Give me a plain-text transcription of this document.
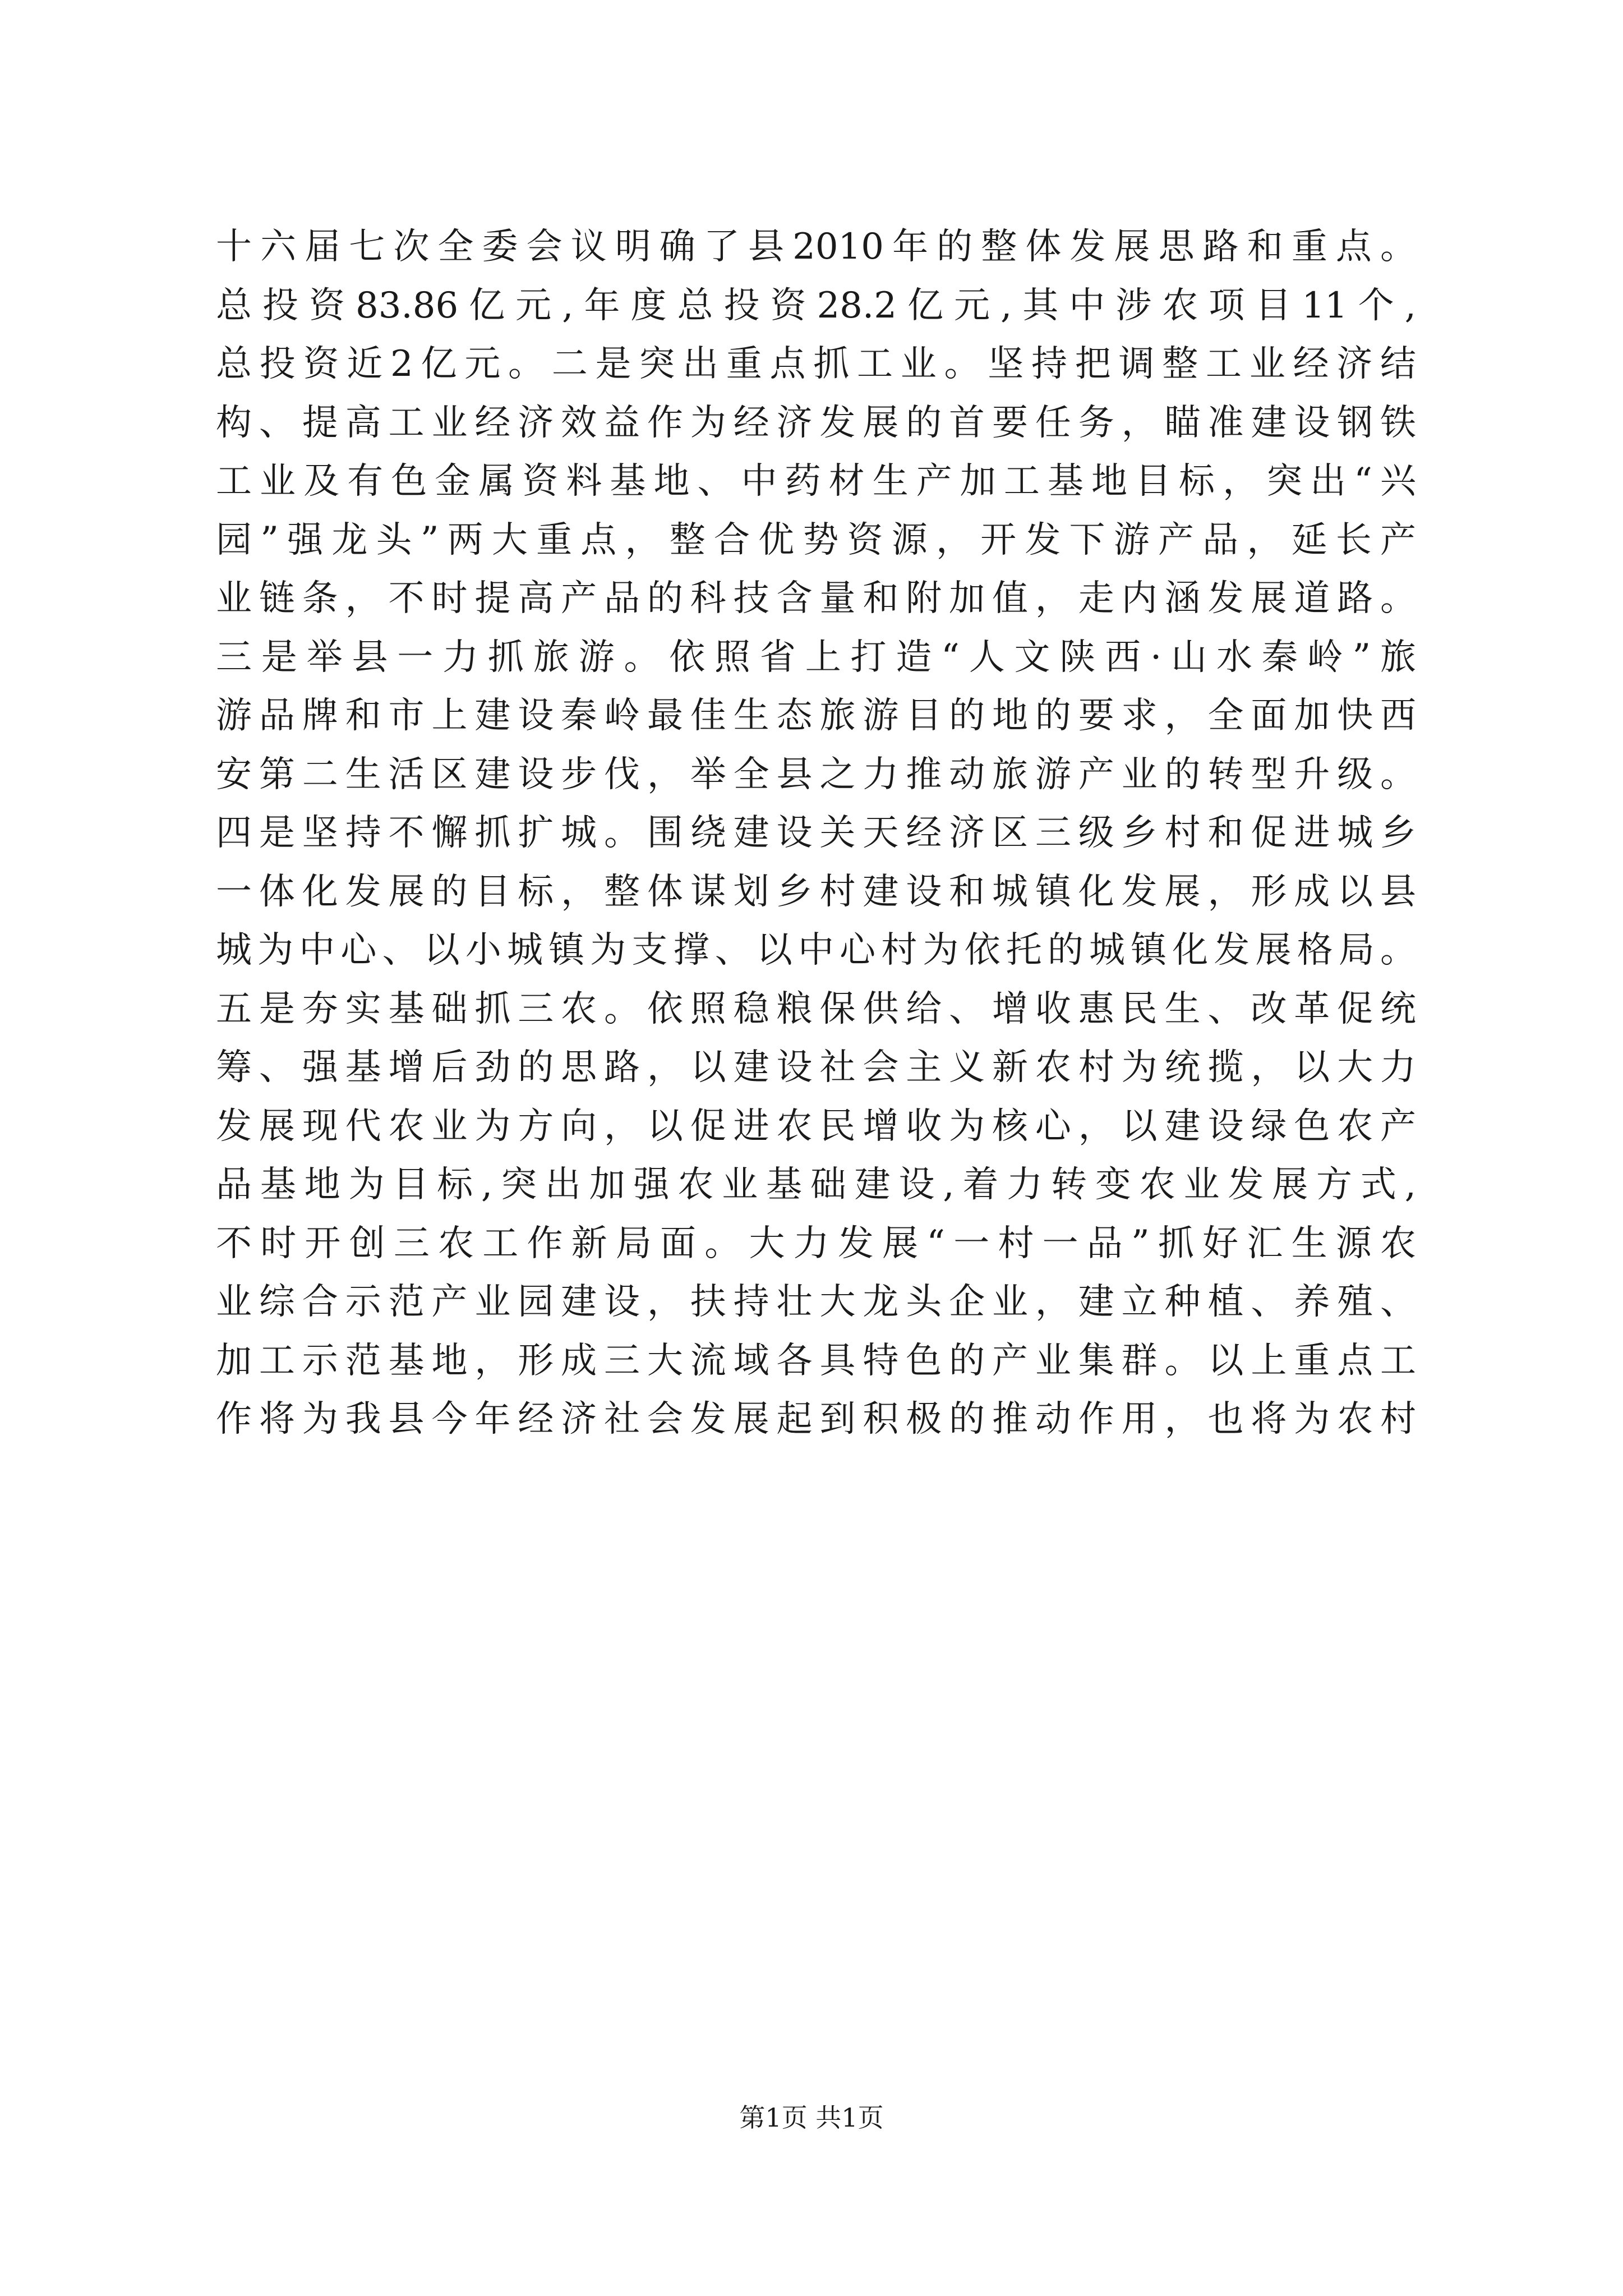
十六届七次全委会议明确了县2010年的整体发展思路和重点。
总投资83.86亿元,年度总投资28.2亿元,其中涉农项目11个,
总投资近2亿元。二是突出重点抓工业。坚持把调整工业经济结
构、提高工业经济效益作为经济发展的首要任务，瞄准建设钢铁
工业及有色金属资料基地、中药材生产加工基地目标，突出“兴
园”强龙头”两大重点，整合优势资源，开发下游产品，延长产
业链条，不时提高产品的科技含量和附加值，走内涵发展道路。
三是举县一力抓旅游。依照省上打造“人文陕西·山水秦岭”旅
游品牌和市上建设秦岭最佳生态旅游目的地的要求，全面加快西
安第二生活区建设步伐，举全县之力推动旅游产业的转型升级。
四是坚持不懈抓扩城。围绕建设关天经济区三级乡村和促进城乡
一体化发展的目标，整体谋划乡村建设和城镇化发展，形成以县
城为中心、以小城镇为支撑、以中心村为依托的城镇化发展格局。
五是夯实基础抓三农。依照稳粮保供给、增收惠民生、改革促统
筹、强基增后劲的思路，以建设社会主义新农村为统揽，以大力
发展现代农业为方向，以促进农民增收为核心，以建设绿色农产
品基地为目标,突出加强农业基础建设,着力转变农业发展方式,
不时开创三农工作新局面。大力发展“一村一品”抓好汇生源农
业综合示范产业园建设，扶持壮大龙头企业，建立种植、养殖、
加工示范基地，形成三大流域各具特色的产业集群。以上重点工
作将为我县今年经济社会发展起到积极的推动作用，也将为农村
第1页 共1页
